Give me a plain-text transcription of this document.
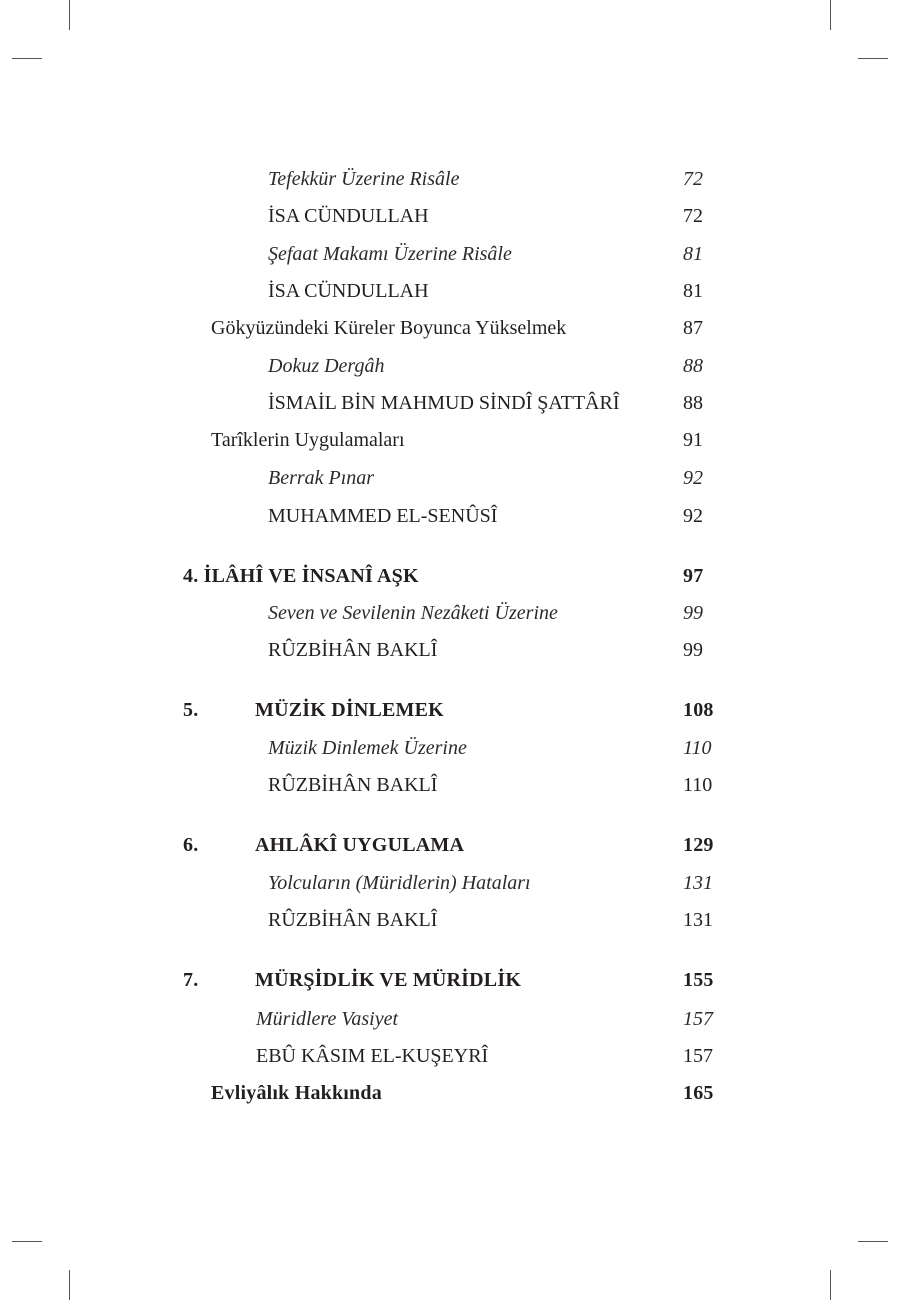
Tefekkür Üzerine Risâle	72
İSA CÜNDULLAH	72
Şefaat Makamı Üzerine Risâle	81
İSA CÜNDULLAH	81
Gökyüzündeki Küreler Boyunca Yükselmek	87
Dokuz Dergâh	88
İSMAİL BİN MAHMUD SİNDÎ ŞATTÂRÎ	88
Tarîklerin Uygulamaları	91
Berrak Pınar	92
MUHAMMED EL-SENÛSÎ	92
4. İLÂHÎ VE İNSANÎ AŞK	97
Seven ve Sevilenin Nezâketi Üzerine	99
RÛZBİHÂN BAKLÎ	99
5.	MÜZİK DİNLEMEK	108
Müzik Dinlemek Üzerine	110
RÛZBİHÂN BAKLÎ	110
6.	AHLÂKÎ UYGULAMA	129
Yolcuların (Müridlerin) Hataları	131
RÛZBİHÂN BAKLÎ	131
7.	MÜRŞİDLİK VE MÜRİDLİK	155
Müridlere Vasiyet	157
EBÛ KÂSIM EL-KUŞEYRÎ	157
Evliyâlık Hakkında	165
